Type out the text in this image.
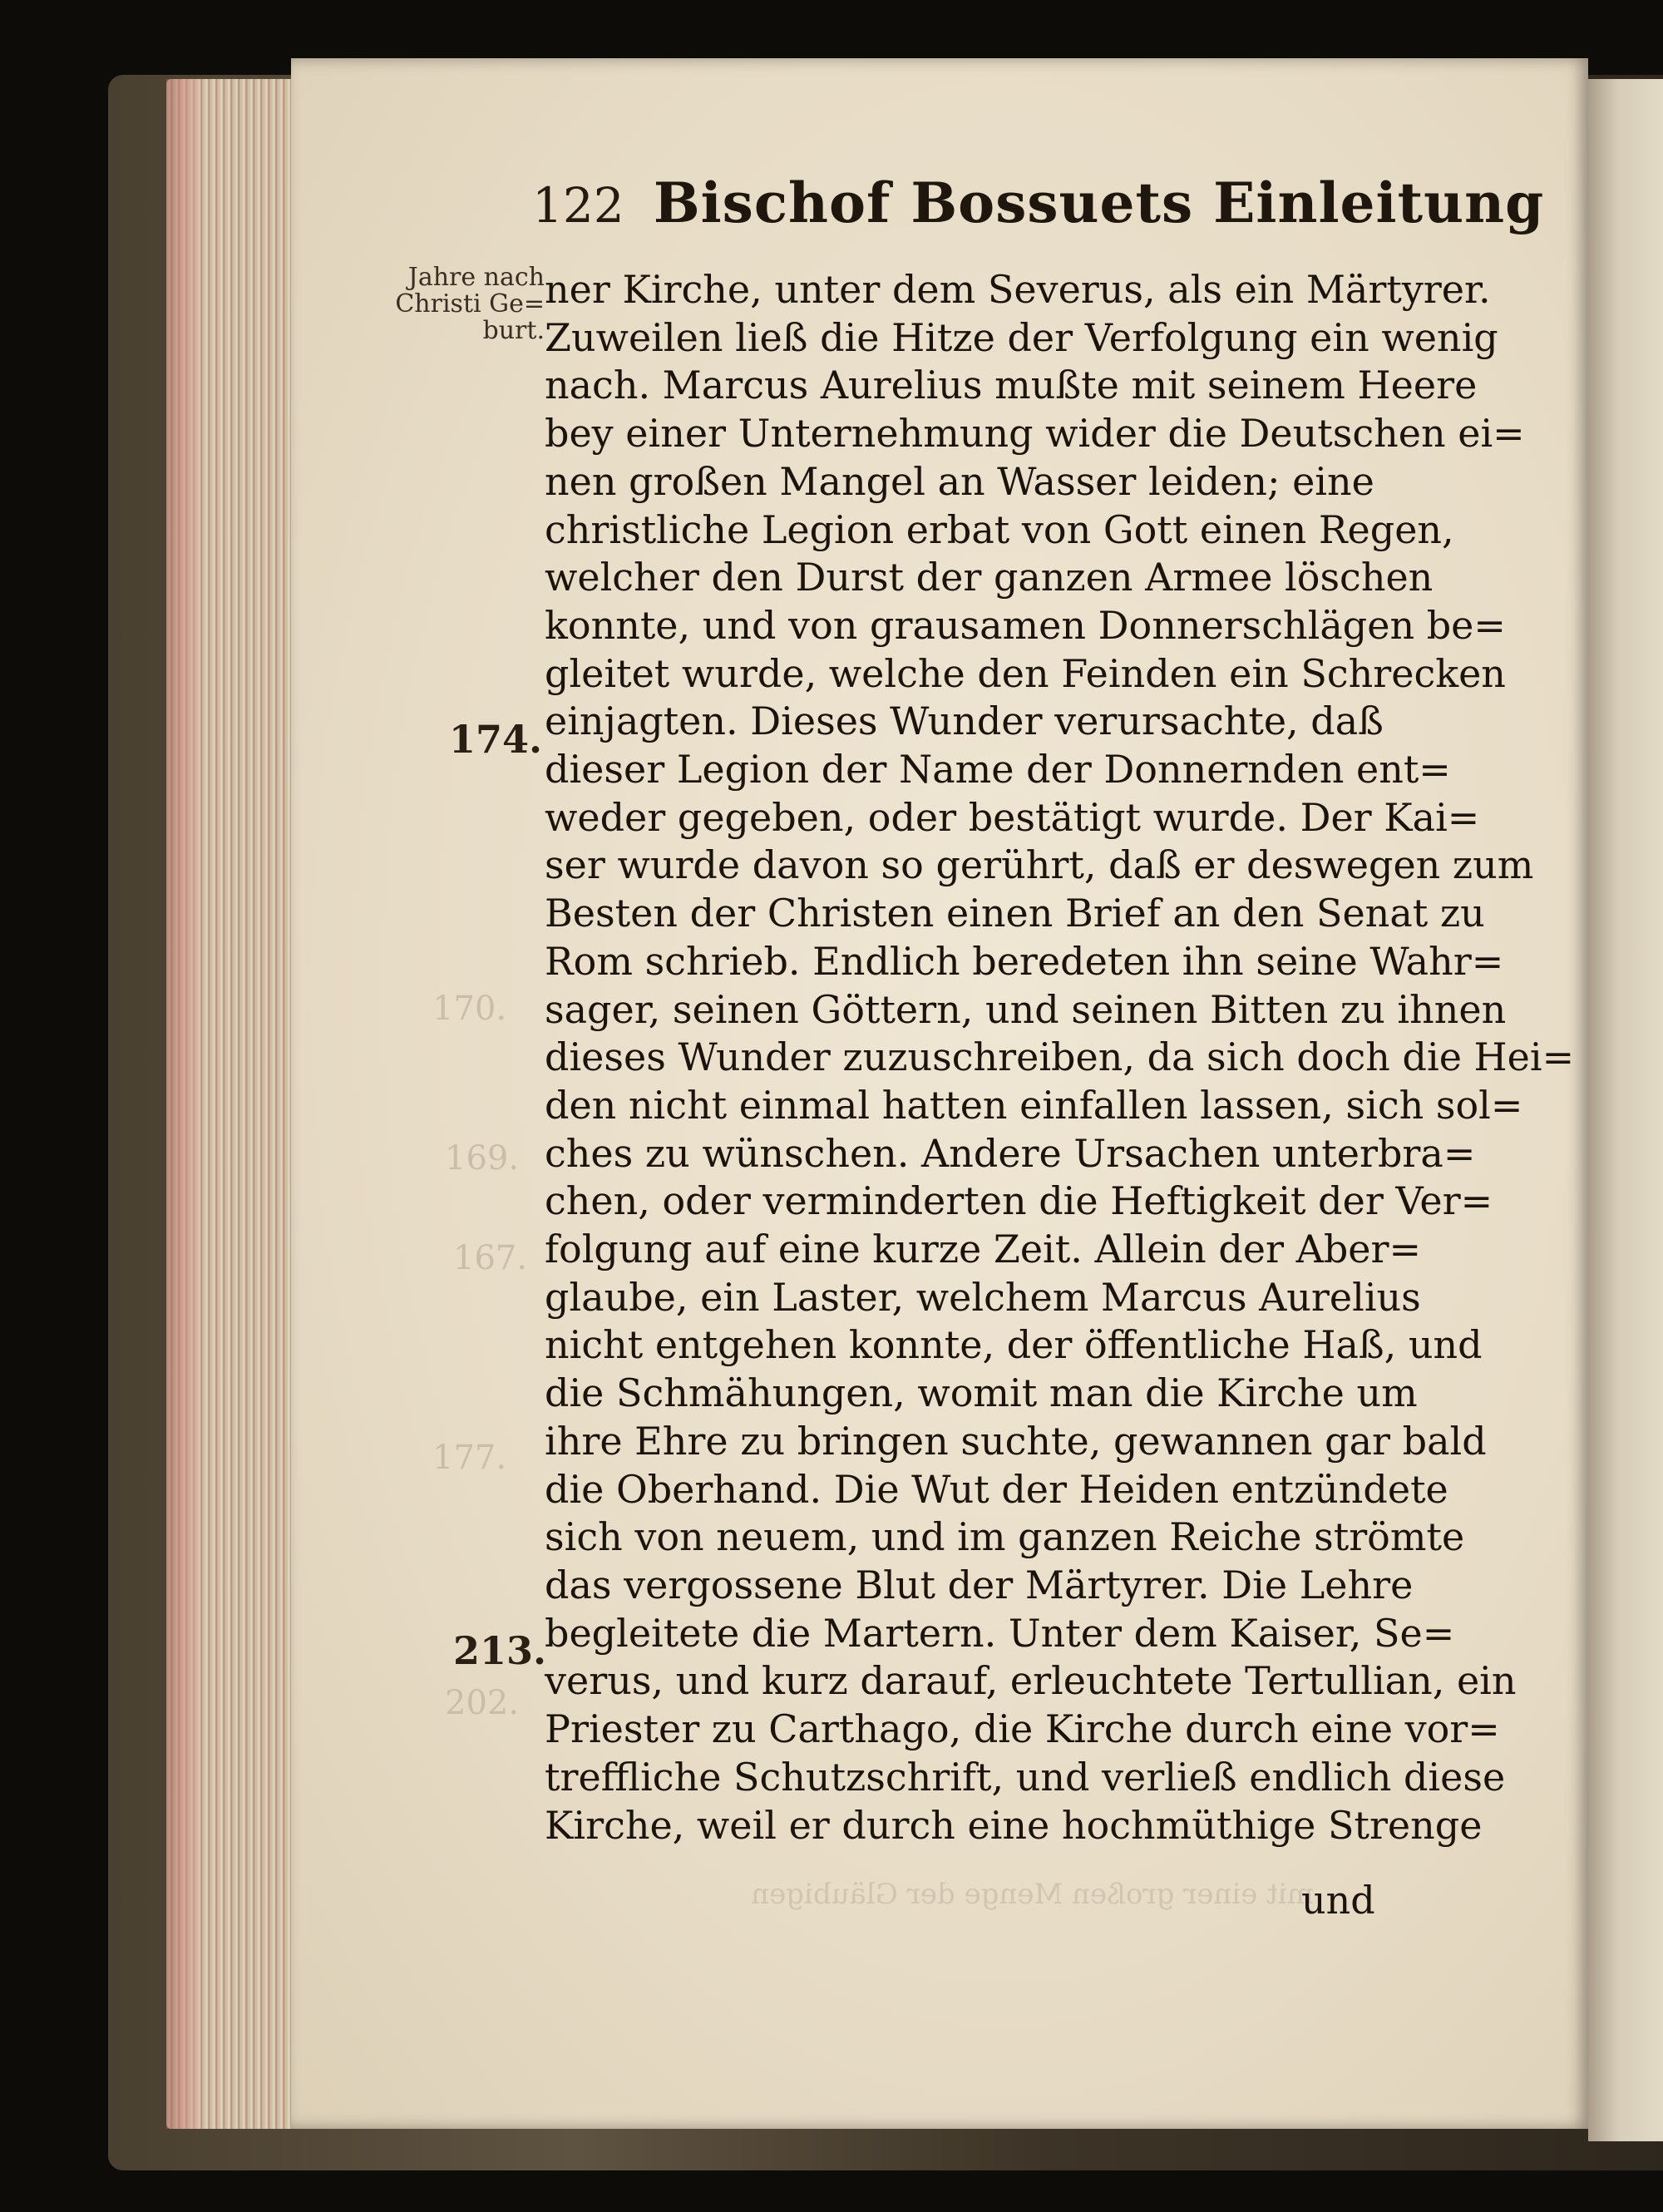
122 Bischof Bossuets Einleitung
Jahre nach
Christi Ge=
burt.
174.
213.
170.
169.
167.
177.
202.
ner Kirche, unter dem Severus, als ein Märtyrer.
Zuweilen ließ die Hitze der Verfolgung ein wenig
nach. Marcus Aurelius mußte mit seinem Heere
bey einer Unternehmung wider die Deutschen ei=
nen großen Mangel an Wasser leiden; eine
christliche Legion erbat von Gott einen Regen,
welcher den Durst der ganzen Armee löschen
konnte, und von grausamen Donnerschlägen be=
gleitet wurde, welche den Feinden ein Schrecken
einjagten. Dieses Wunder verursachte, daß
dieser Legion der Name der Donnernden ent=
weder gegeben, oder bestätigt wurde. Der Kai=
ser wurde davon so gerührt, daß er deswegen zum
Besten der Christen einen Brief an den Senat zu
Rom schrieb. Endlich beredeten ihn seine Wahr=
sager, seinen Göttern, und seinen Bitten zu ihnen
dieses Wunder zuzuschreiben, da sich doch die Hei=
den nicht einmal hatten einfallen lassen, sich sol=
ches zu wünschen. Andere Ursachen unterbra=
chen, oder verminderten die Heftigkeit der Ver=
folgung auf eine kurze Zeit. Allein der Aber=
glaube, ein Laster, welchem Marcus Aurelius
nicht entgehen konnte, der öffentliche Haß, und
die Schmähungen, womit man die Kirche um
ihre Ehre zu bringen suchte, gewannen gar bald
die Oberhand. Die Wut der Heiden entzündete
sich von neuem, und im ganzen Reiche strömte
das vergossene Blut der Märtyrer. Die Lehre
begleitete die Martern. Unter dem Kaiser, Se=
verus, und kurz darauf, erleuchtete Tertullian, ein
Priester zu Carthago, die Kirche durch eine vor=
treffliche Schutzschrift, und verließ endlich diese
Kirche, weil er durch eine hochmüthige Strenge
mit einer großen Menge der Gläubigen
und
